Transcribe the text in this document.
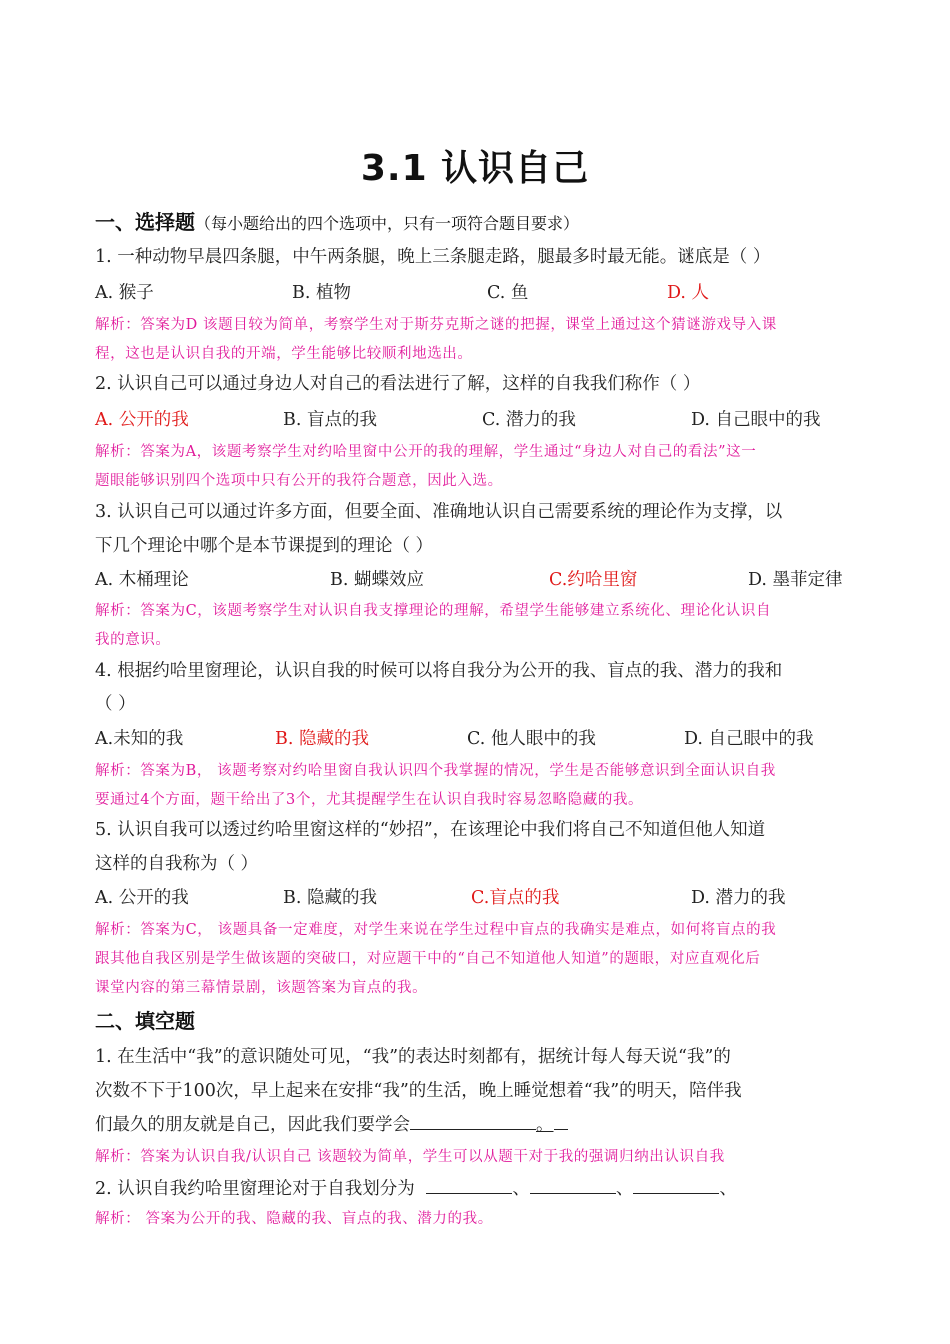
3.1 认识自己
一、选择题（每小题给出的四个选项中，只有一项符合题目要求）
1. 一种动物早晨四条腿，中午两条腿，晚上三条腿走路，腿最多时最无能。谜底是（ ）
A. 猴子	B. 植物	C. 鱼	D. 人
解析：答案为D 该题目较为简单，考察学生对于斯芬克斯之谜的把握，课堂上通过这个猜谜游戏导入课
程，这也是认识自我的开端，学生能够比较顺利地选出。
2. 认识自己可以通过身边人对自己的看法进行了解，这样的自我我们称作（ ）
A. 公开的我	B. 盲点的我	C. 潜力的我	D. 自己眼中的我
解析：答案为A，该题考察学生对约哈里窗中公开的我的理解，学生通过“身边人对自己的看法”这一
题眼能够识别四个选项中只有公开的我符合题意，因此入选。
3. 认识自己可以通过许多方面，但要全面、准确地认识自己需要系统的理论作为支撑，以
下几个理论中哪个是本节课提到的理论（ ）
A. 木桶理论	B. 蝴蝶效应	C.约哈里窗	D. 墨菲定律
解析：答案为C，该题考察学生对认识自我支撑理论的理解，希望学生能够建立系统化、理论化认识自
我的意识。
4. 根据约哈里窗理论，认识自我的时候可以将自我分为公开的我、盲点的我、潜力的我和
（ ）
A.未知的我	B. 隐藏的我	C. 他人眼中的我	D. 自己眼中的我
解析：答案为B， 该题考察对约哈里窗自我认识四个我掌握的情况，学生是否能够意识到全面认识自我
要通过4个方面，题干给出了3个，尤其提醒学生在认识自我时容易忽略隐藏的我。
5. 认识自我可以透过约哈里窗这样的“妙招”，在该理论中我们将自己不知道但他人知道
这样的自我称为（ ）
A. 公开的我	B. 隐藏的我	C.盲点的我	D. 潜力的我
解析：答案为C， 该题具备一定难度，对学生来说在学生过程中盲点的我确实是难点，如何将盲点的我
跟其他自我区别是学生做该题的突破口，对应题干中的“自己不知道他人知道”的题眼，对应直观化后
课堂内容的第三幕情景剧，该题答案为盲点的我。
二、填空题
1. 在生活中“我”的意识随处可见，“我”的表达时刻都有，据统计每人每天说“我”的
次数不下于100次，早上起来在安排“我”的生活，晚上睡觉想着“我”的明天，陪伴我
们最久的朋友就是自己，因此我们要学会	。
解析：答案为认识自我/认识自己 该题较为简单，学生可以从题干对于我的强调归纳出认识自我
2. 认识自我约哈里窗理论对于自我划分为	、	、	、
解析： 答案为公开的我、隐藏的我、盲点的我、潜力的我。
